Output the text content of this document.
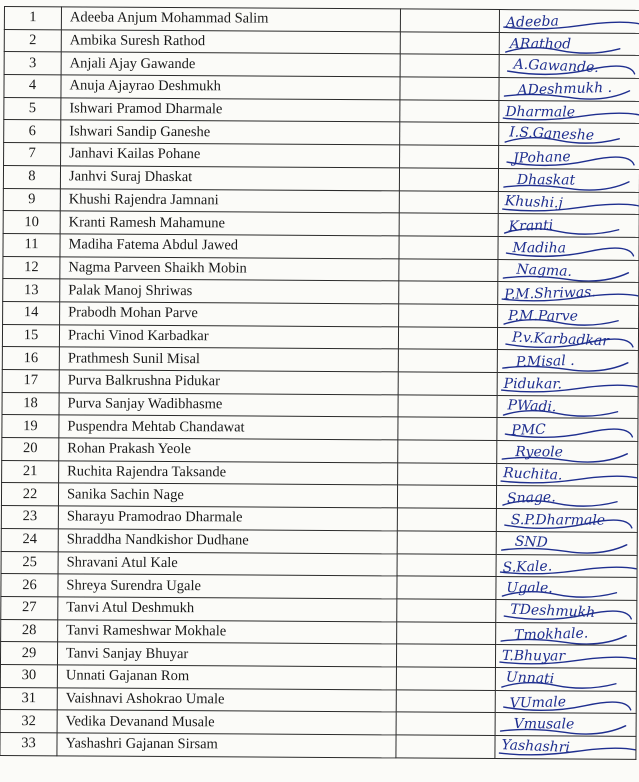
1	Adeeba Anjum Mohammad Salim		Adeeba

2	Ambika Suresh Rathod		ARathod

3	Anjali Ajay Gawande		A.Gawande.

4	Anuja Ajayrao Deshmukh		ADeshmukh .

5	Ishwari Pramod Dharmale		Dharmale

6	Ishwari Sandip Ganeshe		I.S.Ganeshe

7	Janhavi Kailas Pohane		JPohane

8	Janhvi Suraj Dhaskat		Dhaskat

9	Khushi Rajendra Jamnani		Khushi.j

10	Kranti Ramesh Mahamune		Kranti

11	Madiha Fatema Abdul Jawed		Madiha

12	Nagma Parveen Shaikh Mobin		Nagma.

13	Palak Manoj Shriwas		P.M.Shriwas.

14	Prabodh Mohan Parve		P.M.Parve

15	Prachi Vinod Karbadkar		P.v.Karbadkar

16	Prathmesh Sunil Misal		P.Misal .

17	Purva Balkrushna Pidukar		Pidukar.

18	Purva Sanjay Wadibhasme		PWadi.

19	Puspendra Mehtab Chandawat		PMC

20	Rohan Prakash Yeole		Ryeole

21	Ruchita Rajendra Taksande		Ruchita.

22	Sanika Sachin Nage		Snage.

23	Sharayu Pramodrao Dharmale		S.P.Dharmale

24	Shraddha Nandkishor Dudhane		SND

25	Shravani Atul Kale		S.Kale.

26	Shreya Surendra Ugale		Ugale.

27	Tanvi Atul Deshmukh		TDeshmukh

28	Tanvi Rameshwar Mokhale		Tmokhale.

29	Tanvi Sanjay Bhuyar		T.Bhuyar

30	Unnati Gajanan Rom		Unnati

31	Vaishnavi Ashokrao Umale		VUmale

32	Vedika Devanand Musale		Vmusale

33	Yashashri Gajanan Sirsam		Yashashri
